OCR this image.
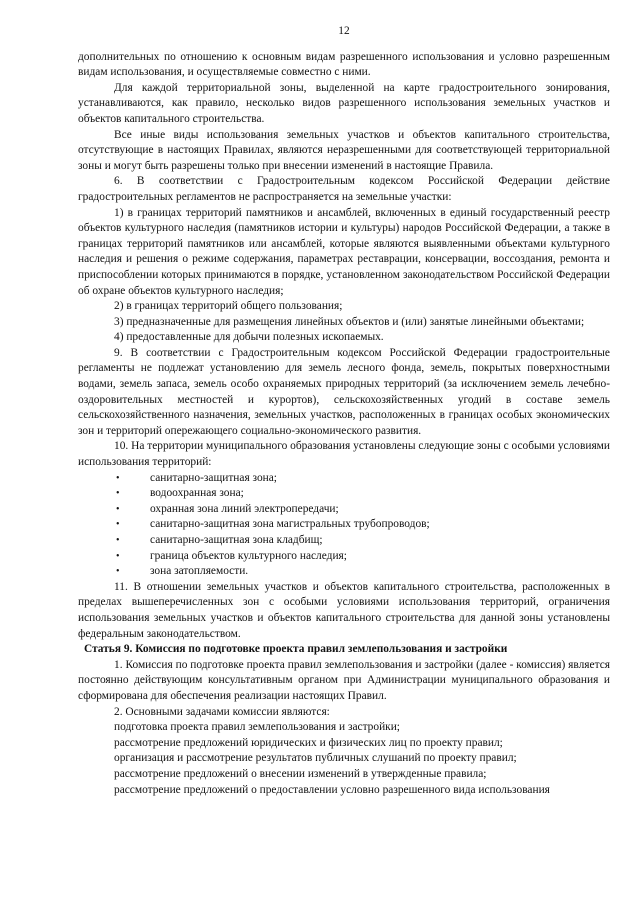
12

дополнительных по отношению к основным видам разрешенного использования и условно разрешенным видам использования, и осуществляемые совместно с ними.

Для каждой территориальной зоны, выделенной на карте градостроительного зонирования, устанавливаются, как правило, несколько видов разрешенного использования земельных участков и объектов капитального строительства.

Все иные виды использования земельных участков и объектов капитального строительства, отсутствующие в настоящих Правилах, являются неразрешенными для соответствующей территориальной зоны и могут быть разрешены только при внесении изменений в настоящие Правила.

6. В соответствии с Градостроительным кодексом Российской Федерации действие градостроительных регламентов не распространяется на земельные участки:

1) в границах территорий памятников и ансамблей, включенных в единый государственный реестр объектов культурного наследия (памятников истории и культуры) народов Российской Федерации, а также в границах территорий памятников или ансамблей, которые являются выявленными объектами культурного наследия и решения о режиме содержания, параметрах реставрации, консервации, воссоздания, ремонта и приспособлении которых принимаются в порядке, установленном законодательством Российской Федерации об охране объектов культурного наследия;

2) в границах территорий общего пользования;

3) предназначенные для размещения линейных объектов и (или) занятые линейными объектами;

4) предоставленные для добычи полезных ископаемых.

9. В соответствии с Градостроительным кодексом Российской Федерации градостроительные регламенты не подлежат установлению для земель лесного фонда, земель, покрытых поверхностными водами, земель запаса, земель особо охраняемых природных территорий (за исключением земель лечебно-оздоровительных местностей и курортов), сельскохозяйственных угодий в составе земель сельскохозяйственного назначения, земельных участков, расположенных в границах особых экономических зон и территорий опережающего социально-экономического развития.

10. На территории муниципального образования установлены следующие зоны с особыми условиями использования территорий:

•	санитарно-защитная зона;
•	водоохранная зона;
•	охранная зона линий электропередачи;
•	санитарно-защитная зона магистральных трубопроводов;
•	санитарно-защитная зона кладбищ;
•	граница объектов культурного наследия;
•	зона затопляемости.

11. В отношении земельных участков и объектов капитального строительства, расположенных в пределах вышеперечисленных зон с особыми условиями использования территорий, ограничения использования земельных участков и объектов капитального строительства для данной зоны установлены федеральным законодательством.

Статья 9. Комиссия по подготовке проекта правил землепользования и застройки

1. Комиссия по подготовке проекта правил землепользования и застройки (далее - комиссия) является постоянно действующим консультативным органом при Администрации муниципального образования и сформирована для обеспечения реализации настоящих Правил.

2. Основными задачами комиссии являются:

подготовка проекта правил землепользования и застройки;

рассмотрение предложений юридических и физических лиц по проекту правил;

организация и рассмотрение результатов публичных слушаний по проекту правил;

рассмотрение предложений о внесении изменений в утвержденные правила;

рассмотрение предложений о предоставлении условно разрешенного вида использования
